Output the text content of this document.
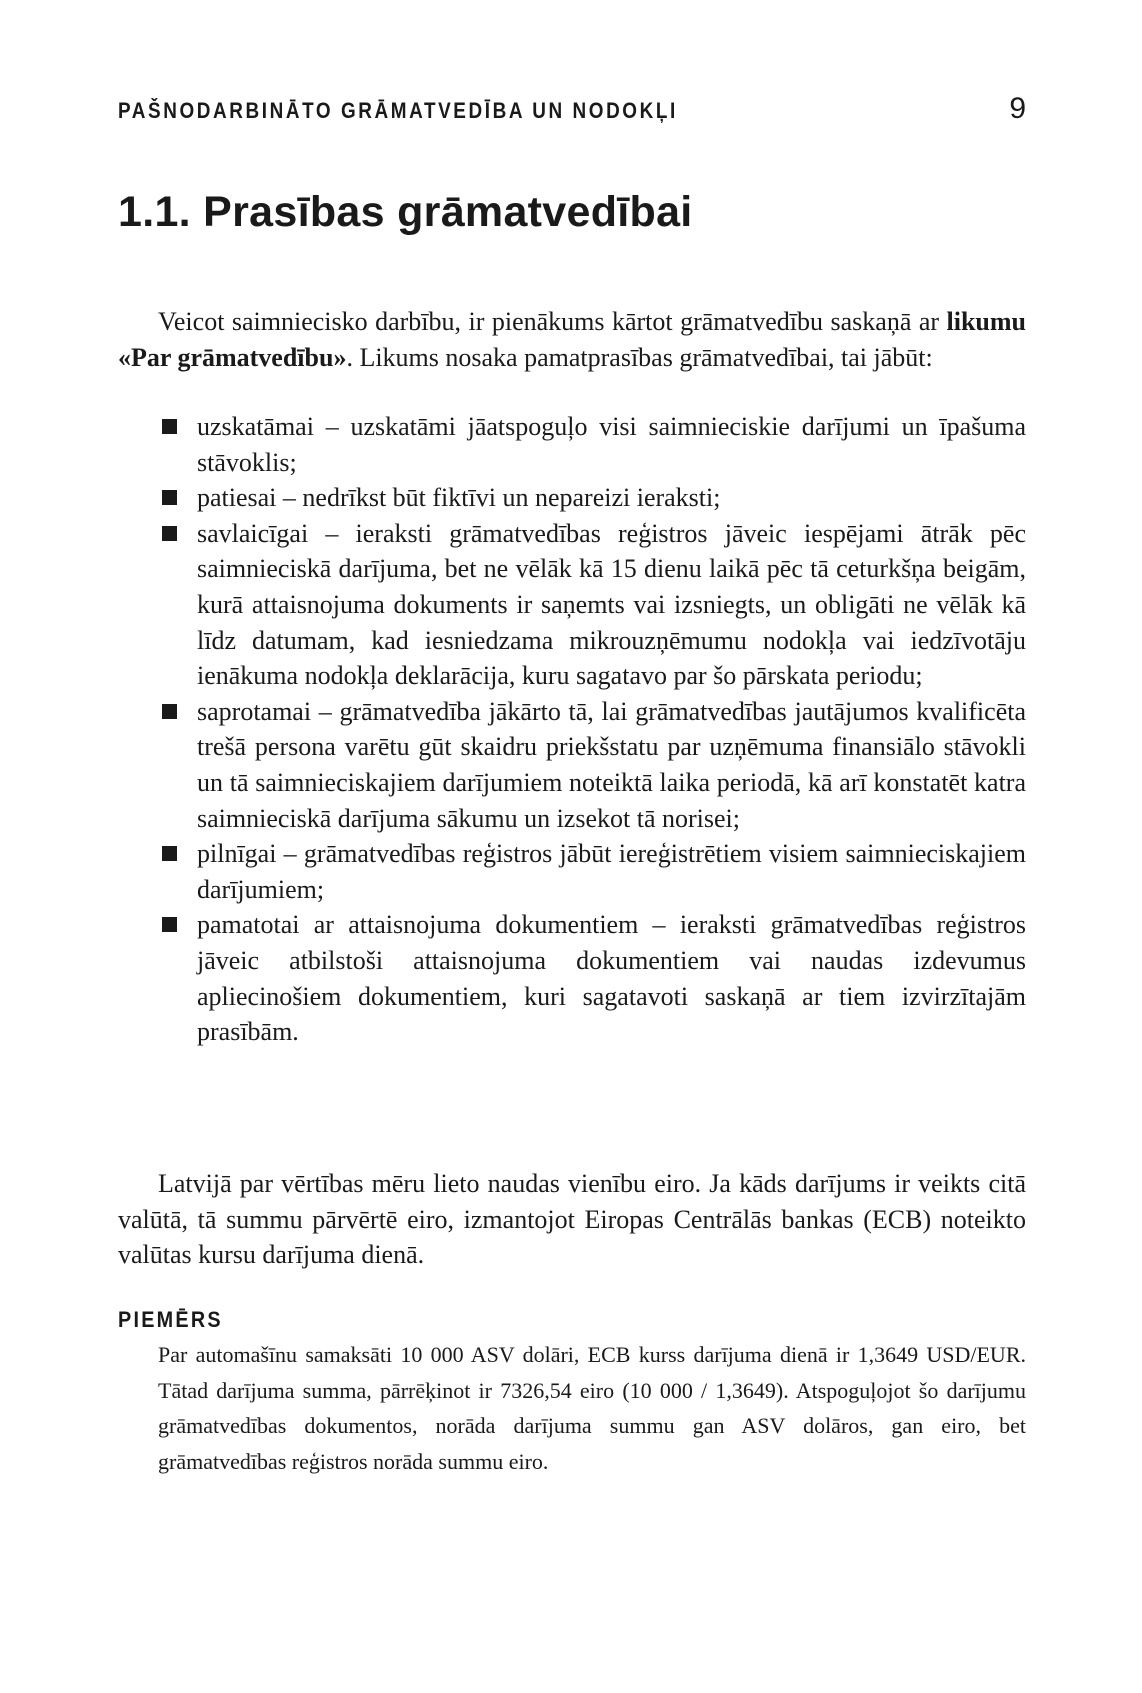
PAŠNODARBINĀTO GRĀMATVEDĪBA UN NODOKĻI	9
1.1. Prasības grāmatvedībai

Veicot saimniecisko darbību, ir pienākums kārtot grāmatvedību saskaņā ar likumu «Par grāmatvedību». Likums nosaka pamatprasības grāmatvedībai, tai jābūt:

uzskatāmai – uzskatāmi jāatspoguļo visi saimnieciskie darījumi un īpašuma stāvoklis;
patiesai – nedrīkst būt fiktīvi un nepareizi ieraksti;
savlaicīgai – ieraksti grāmatvedības reģistros jāveic iespējami ātrāk pēc saimnieciskā darījuma, bet ne vēlāk kā 15 dienu laikā pēc tā ceturkšņa beigām, kurā attaisnojuma dokuments ir saņemts vai izsniegts, un obligāti ne vēlāk kā līdz datumam, kad iesniedzama mikrouzņēmumu nodokļa vai iedzīvotāju ienākuma nodokļa deklarācija, kuru sagatavo par šo pārskata periodu;
saprotamai – grāmatvedība jākārto tā, lai grāmatvedības jautājumos kvalificēta trešā persona varētu gūt skaidru priekšstatu par uzņēmuma finansiālo stāvokli un tā saimnieciskajiem darījumiem noteiktā laika periodā, kā arī konstatēt katra saimnieciskā darījuma sākumu un izsekot tā norisei;
pilnīgai – grāmatvedības reģistros jābūt iereģistrētiem visiem saimnieciskajiem darījumiem;
pamatotai ar attaisnojuma dokumentiem – ieraksti grāmatvedības reģistros jāveic atbilstoši attaisnojuma dokumentiem vai naudas izdevumus apliecinošiem dokumentiem, kuri sagatavoti saskaņā ar tiem izvirzītajām prasībām.

Latvijā par vērtības mēru lieto naudas vienību eiro. Ja kāds darījums ir veikts citā valūtā, tā summu pārvērtē eiro, izmantojot Eiropas Centrālās bankas (ECB) noteikto valūtas kursu darījuma dienā.

PIEMĒRS

Par automašīnu samaksāti 10 000 ASV dolāri, ECB kurss darījuma dienā ir 1,3649 USD/EUR. Tātad darījuma summa, pārrēķinot ir 7326,54 eiro (10 000 / 1,3649). Atspoguļojot šo darījumu grāmatvedības dokumentos, norāda darījuma summu gan ASV dolāros, gan eiro, bet grāmatvedības reģistros norāda summu eiro.
